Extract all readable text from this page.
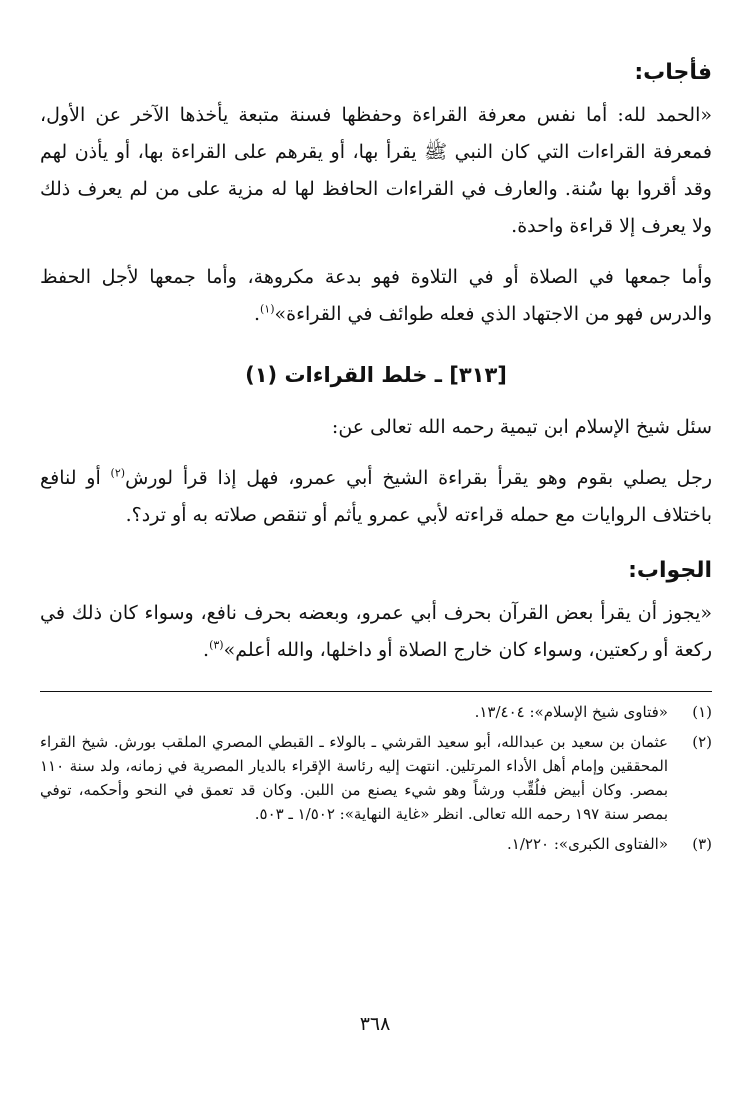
فأجاب:

«الحمد لله: أما نفس معرفة القراءة وحفظها فسنة متبعة يأخذها الآخر عن الأول، فمعرفة القراءات التي كان النبي ﷺ يقرأ بها، أو يقرهم على القراءة بها، أو يأذن لهم وقد أقروا بها سُنة. والعارف في القراءات الحافظ لها له مزية على من لم يعرف ذلك ولا يعرف إلا قراءة واحدة.

وأما جمعها في الصلاة أو في التلاوة فهو بدعة مكروهة، وأما جمعها لأجل الحفظ والدرس فهو من الاجتهاد الذي فعله طوائف في القراءة»$^{(١)}$.

[٣١٣] ـ خلط القراءات (١)

سئل شيخ الإسلام ابن تيمية رحمه الله تعالى عن:

رجل يصلي بقوم وهو يقرأ بقراءة الشيخ أبي عمرو، فهل إذا قرأ لورش$^{(٢)}$ أو لنافع باختلاف الروايات مع حمله قراءته لأبي عمرو يأثم أو تنقص صلاته به أو ترد؟.

الجواب:

«يجوز أن يقرأ بعض القرآن بحرف أبي عمرو، وبعضه بحرف نافع، وسواء كان ذلك في ركعة أو ركعتين، وسواء كان خارج الصلاة أو داخلها، والله أعلم»$^{(٣)}$.

(١)
«فتاوى شيخ الإسلام»: ١٣/٤٠٤.
(٢)
عثمان بن سعيد بن عبدالله، أبو سعيد القرشي ـ بالولاء ـ القبطي المصري الملقب بورش. شيخ القراء المحققين وإمام أهل الأداء المرتلين. انتهت إليه رئاسة الإقراء بالديار المصرية في زمانه، ولد سنة ١١٠ بمصر. وكان أبيض فلُقِّب ورشاً وهو شيء يصنع من اللبن. وكان قد تعمق في النحو وأحكمه، توفي بمصر سنة ١٩٧ رحمه الله تعالى. انظر «غاية النهاية»: ١/٥٠٢ ـ ٥٠٣.
(٣)
«الفتاوى الكبرى»: ١/٢٢٠.
٣٦٨
